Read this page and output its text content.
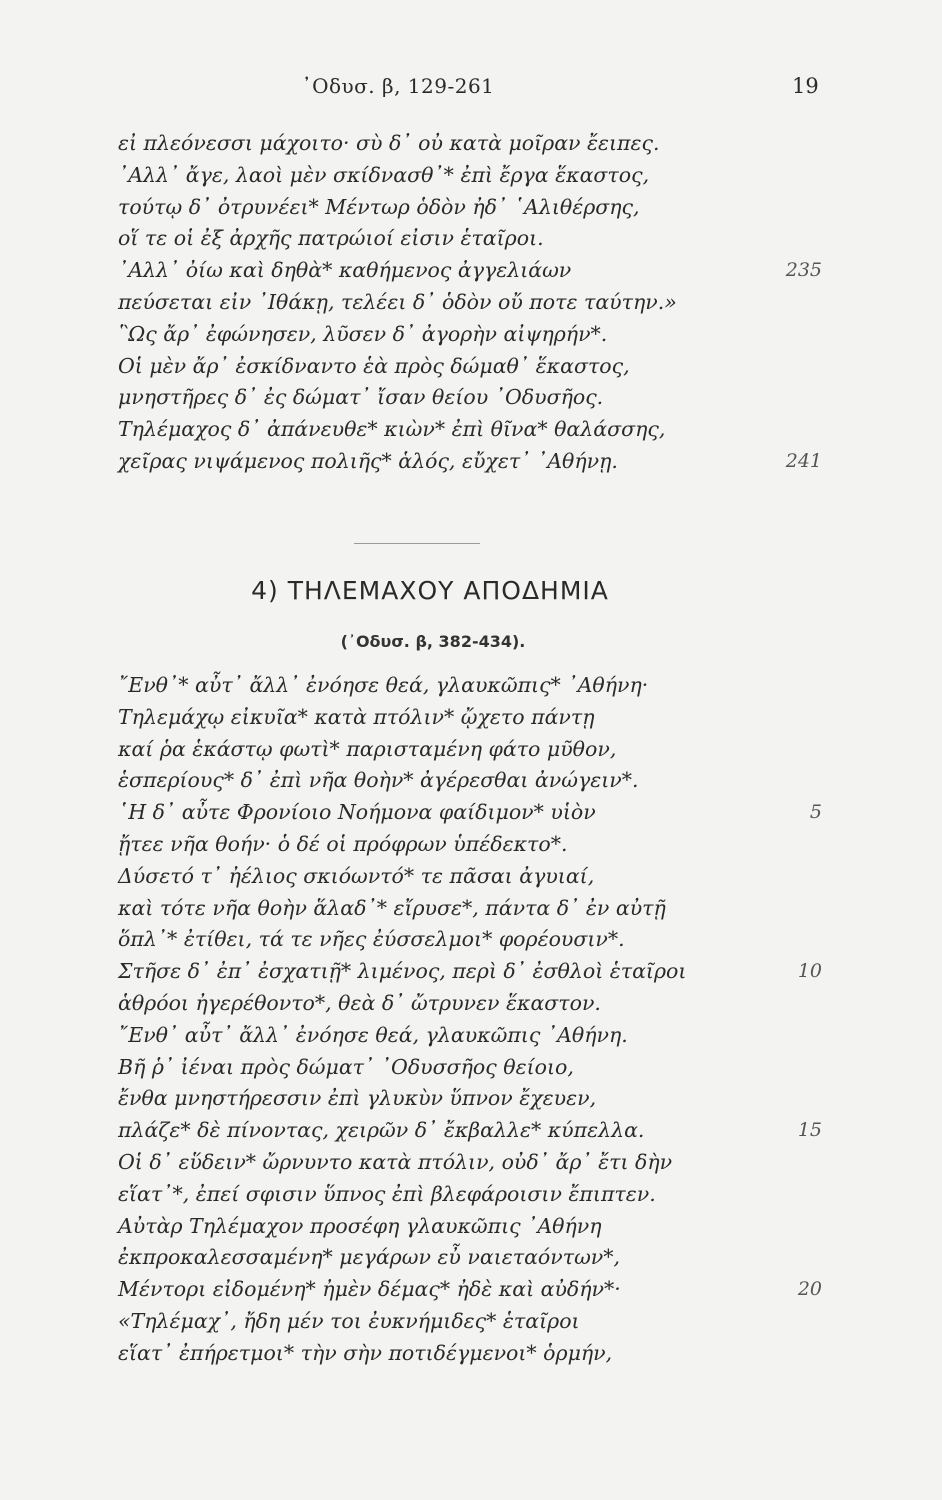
᾿Οδυσ. β, 129-261	19
εἰ πλεόνεσσι μάχοιτο· σὺ δ᾿ οὐ κατὰ μοῖραν ἔειπες.
᾿Αλλ᾿ ἄγε, λαοὶ μὲν σκίδνασθ᾿* ἐπὶ ἔργα ἕκαστος,
τούτῳ δ᾿ ὀτρυνέει* Μέντωρ ὁδὸν ἠδ᾿ ῾Αλιθέρσης,
οἵ τε οἱ ἐξ ἀρχῆς πατρώιοί εἰσιν ἑταῖροι.
᾿Αλλ᾿ ὀίω καὶ δηθὰ* καθήμενος ἀγγελιάων	235
πεύσεται εἰν ᾿Ιθάκῃ, τελέει δ᾿ ὁδὸν οὔ ποτε ταύτην.»
῝Ως ἄρ᾿ ἐφώνησεν, λῦσεν δ᾿ ἀγορὴν αἰψηρήν*.
Οἱ μὲν ἄρ᾿ ἐσκίδναντο ἑὰ πρὸς δώμαθ᾿ ἕκαστος,
μνηστῆρες δ᾿ ἐς δώματ᾿ ἴσαν θείου ᾿Οδυσῆος.
Τηλέμαχος δ᾿ ἀπάνευθε* κιὼν* ἐπὶ θῖνα* θαλάσσης,
χεῖρας νιψάμενος πολιῆς* ἁλός, εὔχετ᾿ ᾿Αθήνῃ.	241
4) ΤΗΛΕΜΑΧΟΥ ΑΠΟΔΗΜΙΑ
(᾿Οδυσ. β, 382-434).
῎Ενθ᾿* αὖτ᾿ ἄλλ᾿ ἐνόησε θεά, γλαυκῶπις* ᾿Αθήνη·
Τηλεμάχῳ εἰκυῖα* κατὰ πτόλιν* ᾤχετο πάντῃ
καί ῥα ἑκάστῳ φωτὶ* παρισταμένη φάτο μῦθον,
ἑσπερίους* δ᾿ ἐπὶ νῆα θοὴν* ἀγέρεσθαι ἀνώγειν*.
῾Η δ᾿ αὖτε Φρονίοιο Νοήμονα φαίδιμον* υἱὸν	5
ᾔτεε νῆα θοήν· ὁ δέ οἱ πρόφρων ὑπέδεκτο*.
Δύσετό τ᾿ ἠέλιος σκιόωντό* τε πᾶσαι ἀγυιαί,
καὶ τότε νῆα θοὴν ἅλαδ᾿* εἴρυσε*, πάντα δ᾿ ἐν αὐτῇ
ὅπλ᾿* ἐτίθει, τά τε νῆες ἐύσσελμοι* φορέουσιν*.
Στῆσε δ᾿ ἐπ᾿ ἐσχατιῇ* λιμένος, περὶ δ᾿ ἐσθλοὶ ἑταῖροι	10
ἁθρόοι ἠγερέθοντο*, θεὰ δ᾿ ὤτρυνεν ἕκαστον.
῎Ενθ᾿ αὖτ᾿ ἄλλ᾿ ἐνόησε θεά, γλαυκῶπις ᾿Αθήνη.
Βῆ ῥ᾿ ἰέναι πρὸς δώματ᾿ ᾿Οδυσσῆος θείοιο,
ἔνθα μνηστήρεσσιν ἐπὶ γλυκὺν ὕπνον ἔχευεν,
πλάζε* δὲ πίνοντας, χειρῶν δ᾿ ἔκβαλλε* κύπελλα.	15
Οἱ δ᾿ εὕδειν* ὤρνυντο κατὰ πτόλιν, οὐδ᾿ ἄρ᾿ ἔτι δὴν
εἵατ᾿*, ἐπεί σφισιν ὕπνος ἐπὶ βλεφάροισιν ἔπιπτεν.
Αὐτὰρ Τηλέμαχον προσέφη γλαυκῶπις ᾿Αθήνη
ἐκπροκαλεσσαμένη* μεγάρων εὖ ναιεταόντων*,
Μέντορι εἰδομένη* ἠμὲν δέμας* ἠδὲ καὶ αὐδήν*·	20
«Τηλέμαχ᾿, ἤδη μέν τοι ἐυκνήμιδες* ἑταῖροι
εἵατ᾿ ἐπήρετμοι* τὴν σὴν ποτιδέγμενοι* ὁρμήν,
